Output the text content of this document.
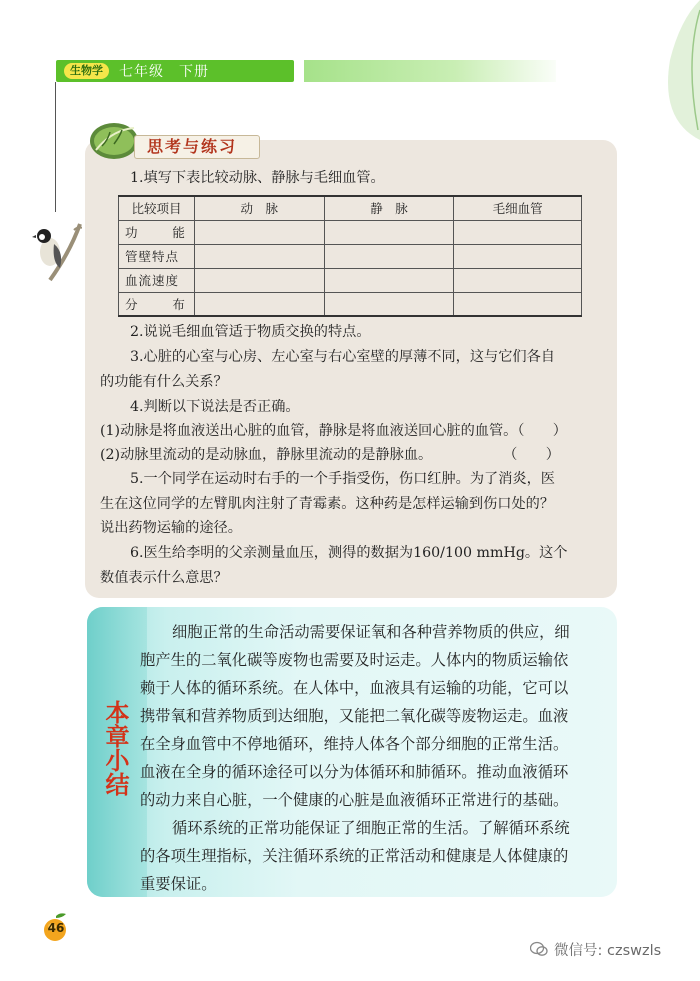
生物学	七年级　下册
思考与练习
1.填写下表比较动脉、静脉与毛细血管。
比较项目	动　脉	静　脉	毛细血管

功 能			

管壁特点			
血流速度			

分 布			

2.说说毛细血管适于物质交换的特点。
3.心脏的心室与心房、左心室与右心室壁的厚薄不同，这与它们各自
的功能有什么关系？
4.判断以下说法是否正确。
(1)动脉是将血液送出心脏的血管，静脉是将血液送回心脏的血管。（　　）
(2)动脉里流动的是动脉血，静脉里流动的是静脉血。　　　　　　（　　）
5.一个同学在运动时右手的一个手指受伤，伤口红肿。为了消炎，医
生在这位同学的左臂肌肉注射了青霉素。这种药是怎样运输到伤口处的？
说出药物运输的途径。
6.医生给李明的父亲测量血压，测得的数据为160/100 mmHg。这个
数值表示什么意思？
本章小结
细胞正常的生命活动需要保证氧和各种营养物质的供应，细
胞产生的二氧化碳等废物也需要及时运走。人体内的物质运输依
赖于人体的循环系统。在人体中，血液具有运输的功能，它可以
携带氧和营养物质到达细胞，又能把二氧化碳等废物运走。血液
在全身血管中不停地循环，维持人体各个部分细胞的正常生活。
血液在全身的循环途径可以分为体循环和肺循环。推动血液循环
的动力来自心脏，一个健康的心脏是血液循环正常进行的基础。
循环系统的正常功能保证了细胞正常的生活。了解循环系统
的各项生理指标，关注循环系统的正常活动和健康是人体健康的
重要保证。
46
微信号: czswzls
